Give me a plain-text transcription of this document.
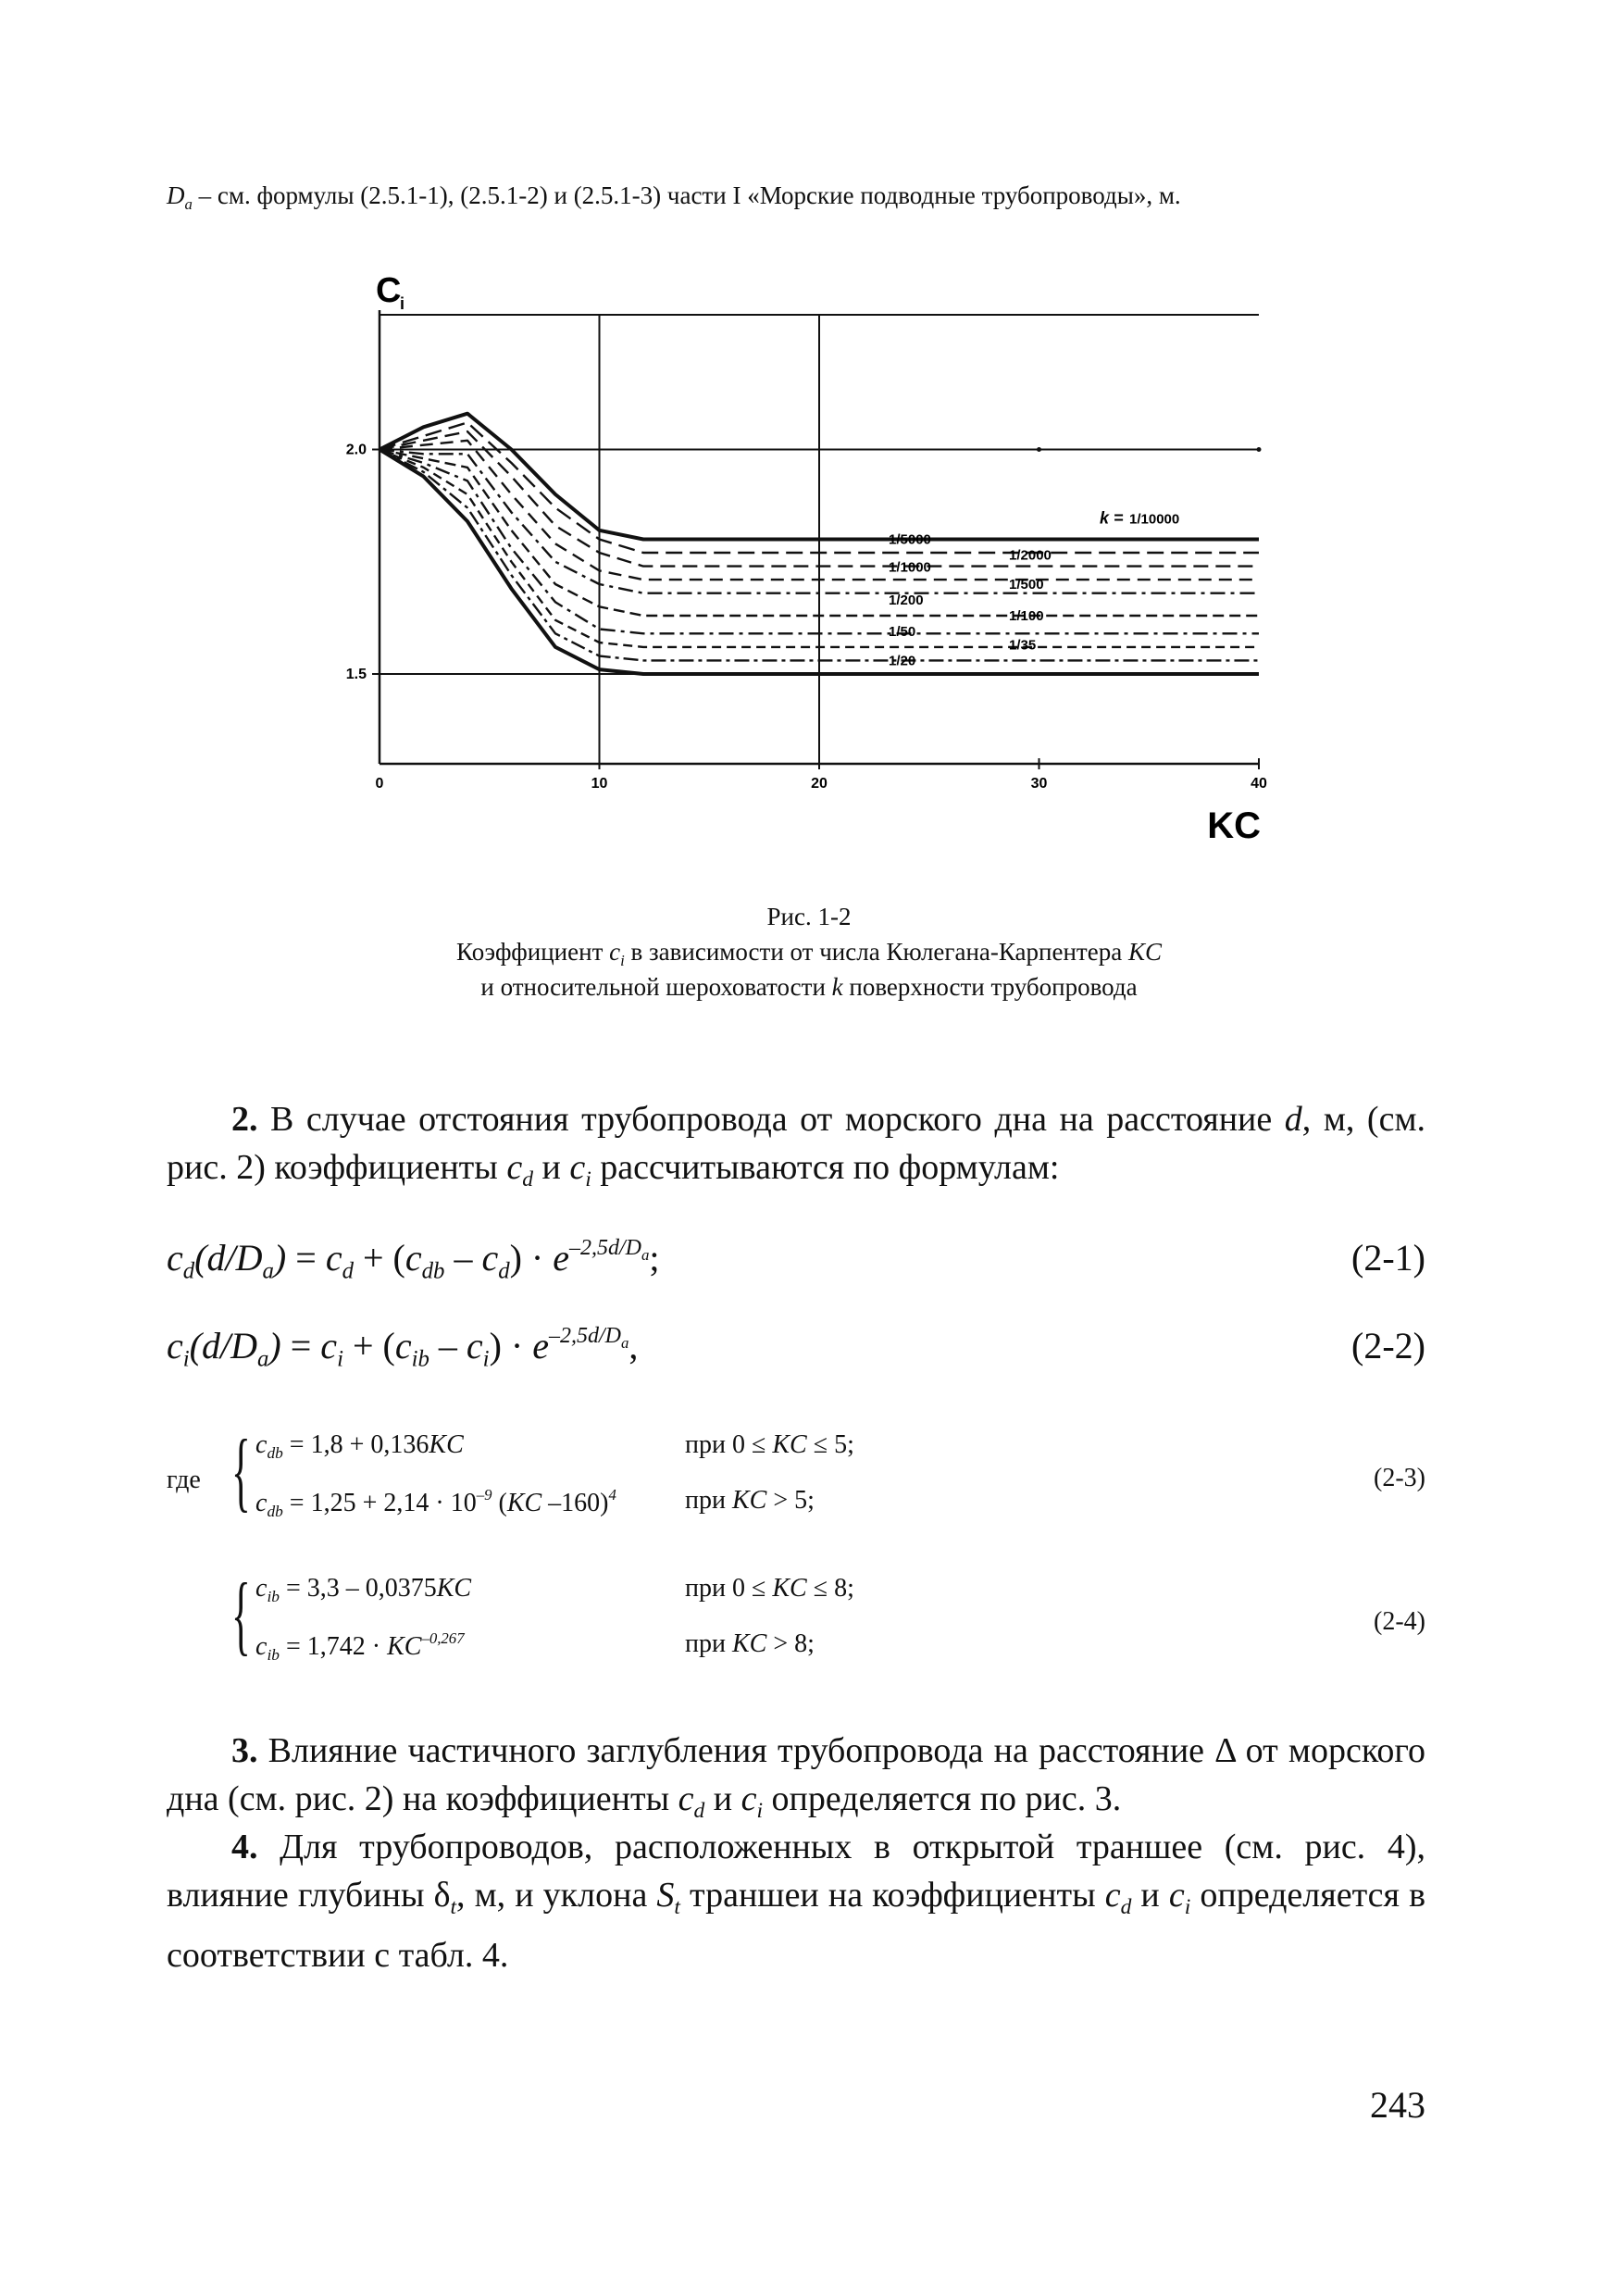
$D_a$ – см. формулы (2.5.1-1), (2.5.1-2) и (2.5.1-3) части I «Морские подводные трубопроводы», м.
2.0
1.5
0	10	20	30	40
C
i
KC
1/10000
1/5000
1/2000
1/1000
1/500
1/200
1/100
1/50
1/35
1/20
k =
Рис. 1-2
Коэффициент $c_i$ в зависимости от числа Кюлегана-Карпентера KC
и относительной шероховатости k поверхности трубопровода
2. В случае отстояния трубопровода от морского дна на расстояние d, м, (см. рис. 2) коэффициенты $c_d$ и $c_i$ рассчитываются по формулам:
$c_d(d/D_a) = c_d + (c_{db} - c_d) \cdot e^{-2,5d/D_a}$;	(2-1)
$c_i(d/D_a) = c_i + (c_{ib} - c_i) \cdot e^{-2,5d/D_a}$,	(2-2)
где { $c_{db} = 1,8 + 0,136KC$	при 0 ≤ KC ≤ 5;
$c_{db} = 1,25 + 2,14 \cdot 10^{-9}$ (KC –160)$^4$	при KC > 5;
(2-3)
{ $c_{ib} = 3,3 - 0,0375KC$	при 0 ≤ KC ≤ 8;
$c_{ib} = 1,742 \cdot KC^{-0,267}$	при KC > 8;
(2-4)
3. Влияние частичного заглубления трубопровода на расстояние Δ от морского дна (см. рис. 2) на коэффициенты $c_d$ и $c_i$ определяется по рис. 3.
4. Для трубопроводов, расположенных в открытой траншее (см. рис. 4), влияние глубины $\delta_t$, м, и уклона $S_t$ траншеи на коэффициенты $c_d$ и $c_i$ определяется в соответствии с табл. 4.
243
